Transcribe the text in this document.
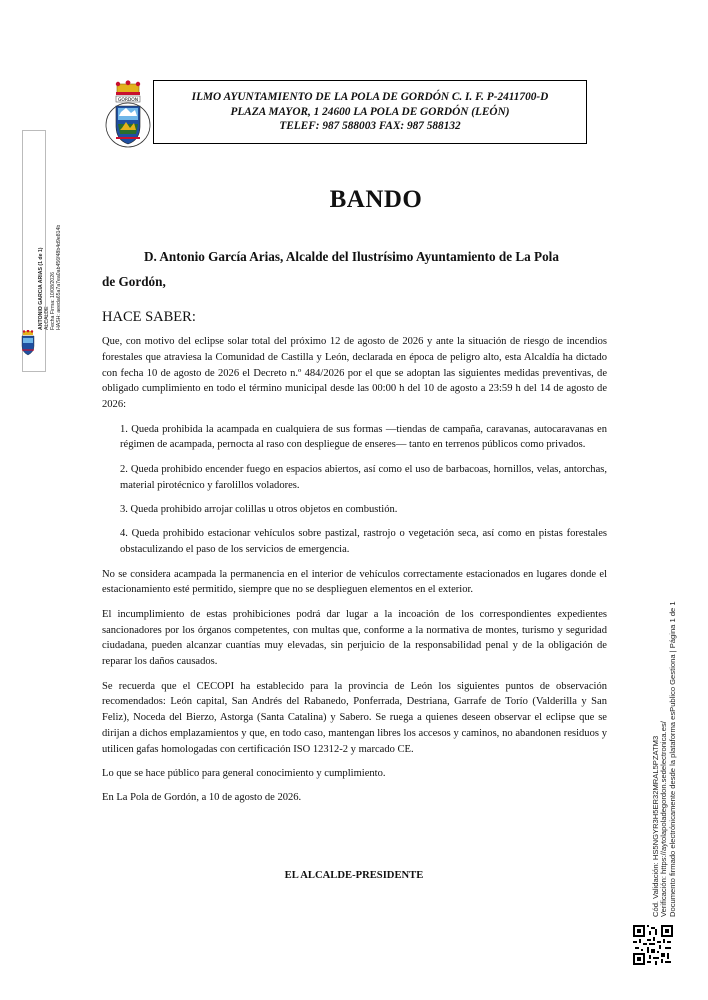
GORDON	ILMO AYUNTAMIENTO DE LA POLA DE GORDÓN C. I. F. P-2411700-D
PLAZA MAYOR, 1 24600 LA POLA DE GORDÓN (LEÓN)
TELEF: 987 588003 FAX: 987 588132
BANDO
D. Antonio García Arias, Alcalde del Ilustrísimo Ayuntamiento de La Pola
de Gordón,
HACE SABER:

Que, con motivo del eclipse solar total del próximo 12 de agosto de 2026 y ante la situación de riesgo de incendios forestales que atraviesa la Comunidad de Castilla y León, declarada en época de peligro alto, esta Alcaldía ha dictado con fecha 10 de agosto de 2026 el Decreto n.º 484/2026 por el que se adoptan las siguientes medidas preventivas, de obligado cumplimiento en todo el término municipal desde las 00:00 h del 10 de agosto a 23:59 h del 14 de agosto de 2026:

1. Queda prohibida la acampada en cualquiera de sus formas —tiendas de campaña, caravanas, autocaravanas en régimen de acampada, pernocta al raso con despliegue de enseres— tanto en terrenos públicos como privados.

2. Queda prohibido encender fuego en espacios abiertos, así como el uso de barbacoas, hornillos, velas, antorchas, material pirotécnico y farolillos voladores.

3. Queda prohibido arrojar colillas u otros objetos en combustión.

4. Queda prohibido estacionar vehículos sobre pastizal, rastrojo o vegetación seca, así como en pistas forestales obstaculizando el paso de los servicios de emergencia.

No se considera acampada la permanencia en el interior de vehículos correctamente estacionados en lugares donde el estacionamiento esté permitido, siempre que no se desplieguen elementos en el exterior.

El incumplimiento de estas prohibiciones podrá dar lugar a la incoación de los correspondientes expedientes sancionadores por los órganos competentes, con multas que, conforme a la normativa de montes, turismo y seguridad ciudadana, pueden alcanzar cuantías muy elevadas, sin perjuicio de la responsabilidad penal y de la obligación de reparar los daños causados.

Se recuerda que el CECOPI ha establecido para la provincia de León los siguientes puntos de observación recomendados: León capital, San Andrés del Rabanedo, Ponferrada, Destriana, Garrafe de Torío (Valderilla y San Feliz), Noceda del Bierzo, Astorga (Santa Catalina) y Sabero. Se ruega a quienes deseen observar el eclipse que se dirijan a dichos emplazamientos y que, en todo caso, mantengan libres los accesos y caminos, no abandonen residuos y utilicen gafas homologadas con certificación ISO 12312-2 y marcado CE.

Lo que se hace público para general conocimiento y cumplimiento.

En La Pola de Gordón, a 10 de agosto de 2026.

EL ALCALDE-PRESIDENTE
ANTONIO GARCIA ARIAS (1 de 1) ALCALDE Fecha Firma: 10/08/2026 HASH: aeeda65a7a7ea0ab456f48b4d9e814b
Cód. Validación: HS5NGYR3H5ER32MRAL5PZATM3 Verificación: https://aytolapoladegordon.sedelectronica.es/ Documento firmado electrónicamente desde la plataforma esPublico Gestiona | Página 1 de 1
